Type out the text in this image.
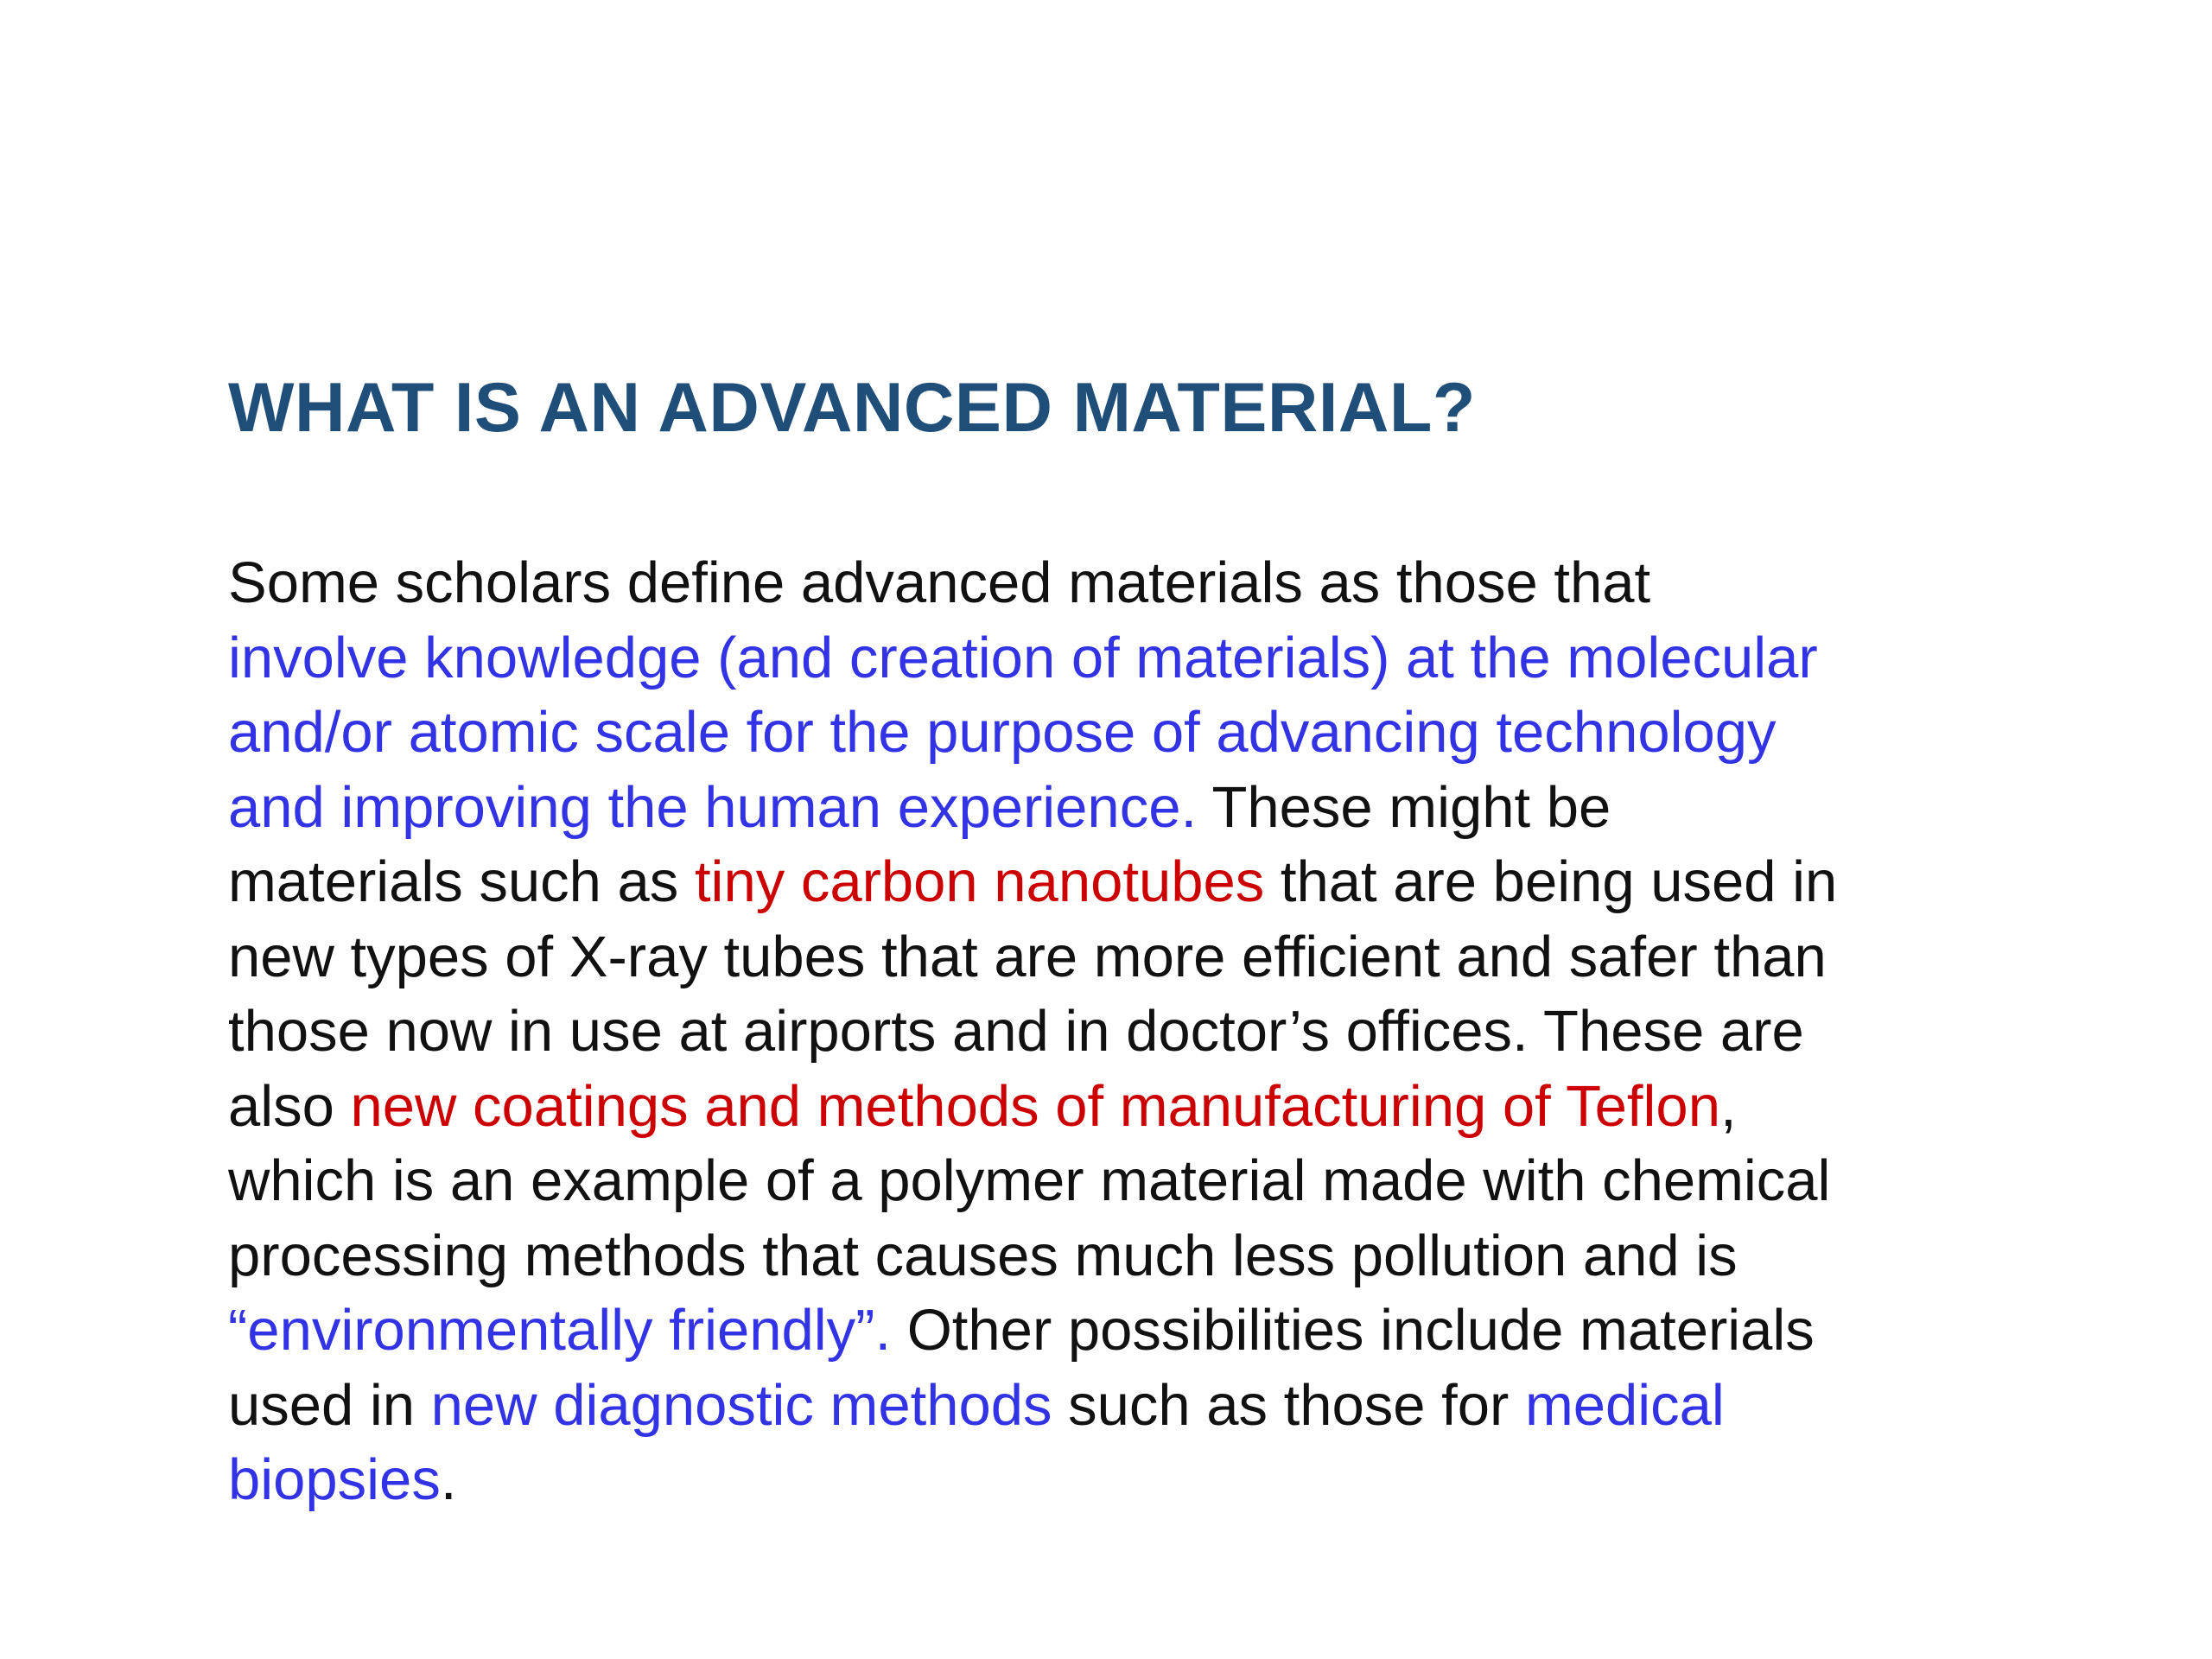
WHAT IS AN ADVANCED MATERIAL?
Some scholars define advanced materials as those that
involve knowledge (and creation of materials) at the molecular
and/or atomic scale for the purpose of advancing technology
and improving the human experience. These might be
materials such as tiny carbon nanotubes that are being used in
new types of X-ray tubes that are more efficient and safer than
those now in use at airports and in doctor’s offices. These are
also new coatings and methods of manufacturing of Teflon,
which is an example of a polymer material made with chemical
processing methods that causes much less pollution and is
“environmentally friendly”. Other possibilities include materials
used in new diagnostic methods such as those for medical
biopsies.
